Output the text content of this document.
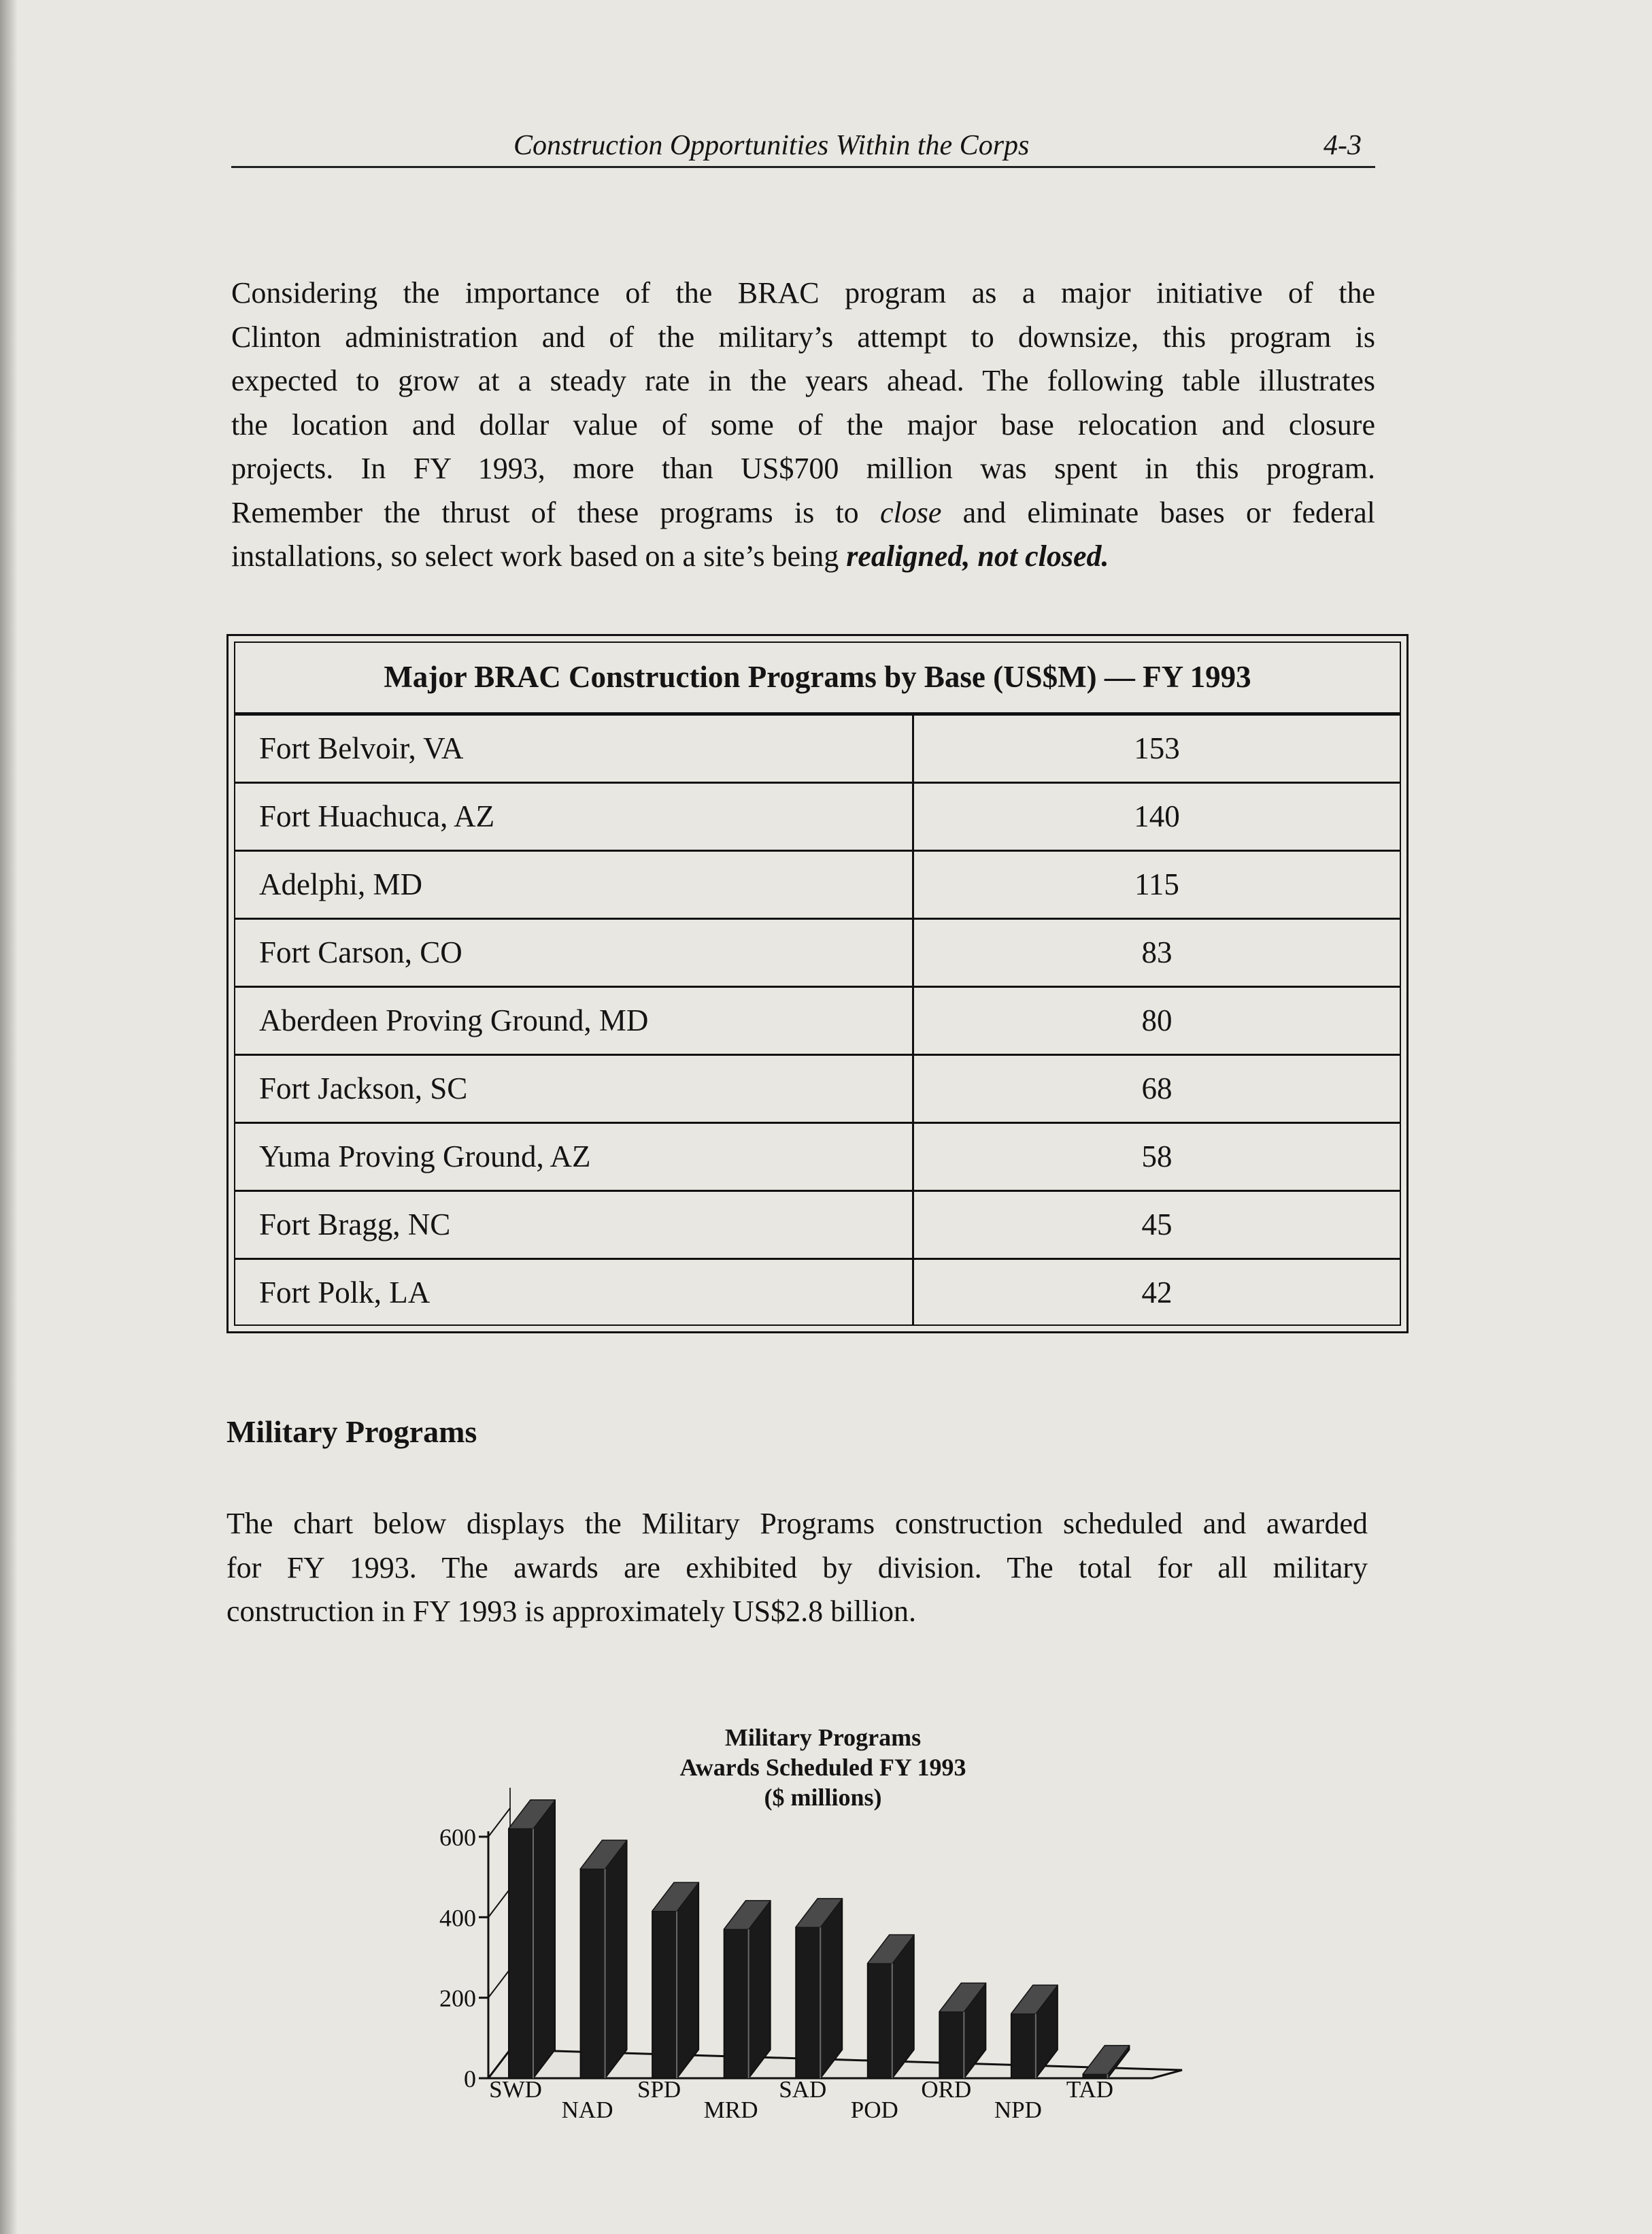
Construction Opportunities Within the Corps	4-3
Considering the importance of the BRAC program as a major initiative of the
Clinton administration and of the military’s attempt to downsize, this program is
expected to grow at a steady rate in the years ahead. The following table illustrates
the location and dollar value of some of the major base relocation and closure
projects. In FY 1993, more than US$700 million was spent in this program.
Remember the thrust of these programs is to close and eliminate bases or federal
installations, so select work based on a site’s being realigned, not closed.
Major BRAC Construction Programs by Base (US$M) — FY 1993
Fort Belvoir, VA	153
Fort Huachuca, AZ	140
Adelphi, MD	115
Fort Carson, CO	83
Aberdeen Proving Ground, MD	80
Fort Jackson, SC	68
Yuma Proving Ground, AZ	58
Fort Bragg, NC	45
Fort Polk, LA	42
Military Programs
The chart below displays the Military Programs construction scheduled and awarded
for FY 1993. The awards are exhibited by division. The total for all military
construction in FY 1993 is approximately US$2.8 billion.
Military Programs
Awards Scheduled FY 1993
($ millions)
0
200
400
600
SWD
NAD
SPD
MRD
SAD
POD
ORD
NPD
TAD
